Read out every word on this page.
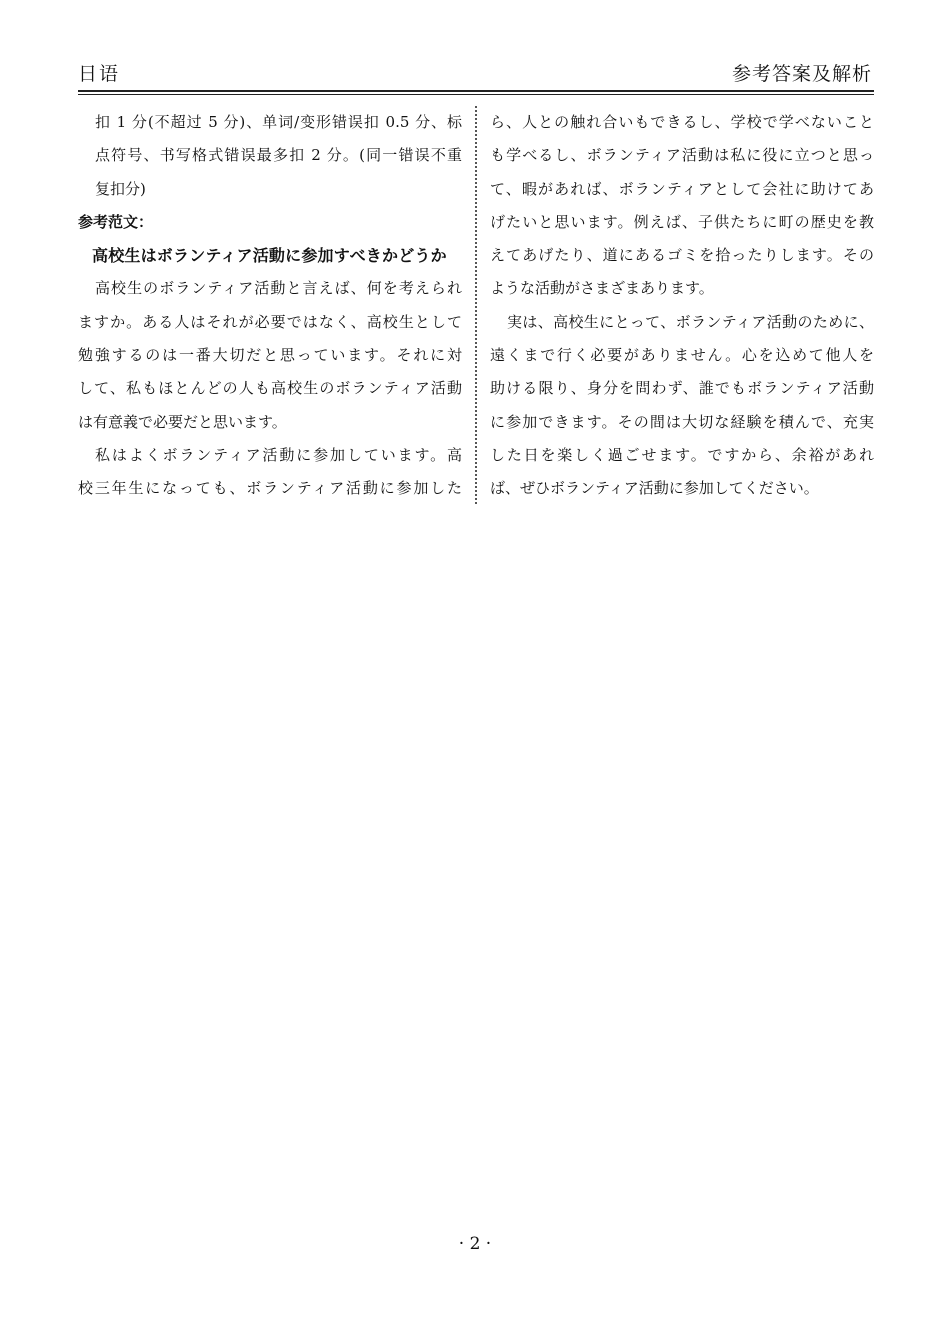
日语	参考答案及解析
扣 1 分(不超过 5 分)、单词/变形错误扣 0.5 分、标
点符号、书写格式错误最多扣 2 分。(同一错误不重
复扣分)
参考范文：
高校生はボランティア活動に参加すべきかどうか
高校生のボランティア活動と言えば、何を考えられ
ますか。ある人はそれが必要ではなく、高校生として
勉強するのは一番大切だと思っています。それに対
して、私もほとんどの人も高校生のボランティア活動
は有意義で必要だと思います。
私はよくボランティア活動に参加しています。高
校三年生になっても、ボランティア活動に参加した
ら、人との触れ合いもできるし、学校で学べないこと
も学べるし、ボランティア活動は私に役に立つと思っ
て、暇があれば、ボランティアとして会社に助けてあ
げたいと思います。例えば、子供たちに町の歴史を教
えてあげたり、道にあるゴミを拾ったりします。その
ような活動がさまざまあります。
実は、高校生にとって、ボランティア活動のために、
遠くまで行く必要がありません。心を込めて他人を
助ける限り、身分を問わず、誰でもボランティア活動
に参加できます。その間は大切な経験を積んで、充実
した日を楽しく過ごせます。ですから、余裕があれ
ば、ぜひボランティア活動に参加してください。
· 2 ·
